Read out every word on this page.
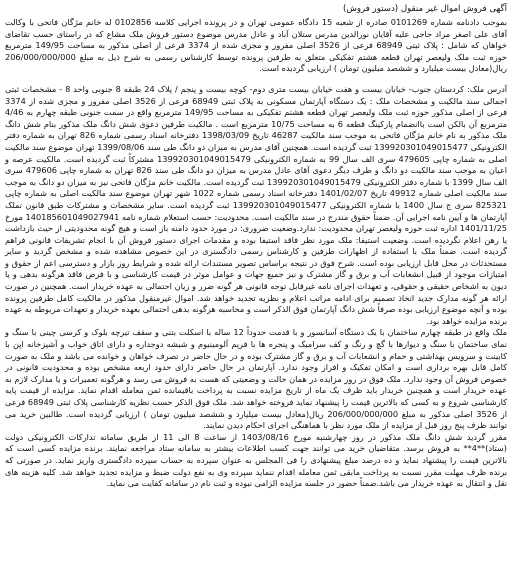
آگهی فروش اموال غیر منقول (دستور فروش)

بموجب دادنامه شماره 0101269 صادره از شعبه 15 دادگاه عمومی تهران و در پرونده اجرایی کلاسه 0102856 له خانم مژگان فاتحی با وکالت آقای علی اصغر مراد حاجی علیه آقایان نورالدین مدرس ستلان آباد و عادل مدرس موضوع دستور فروش ملک مشاع که در راستای حسب تقاضای خواهان که شامل : پلاک ثبتی 68949 فرعی از 3526 اصلی مفروز و مجزی شده از 3374 فرعی از اصلی مذکور به مساحت 149/95 مترمربع حوزه ثبت ملک ولیعصر تهران قطعه هشتم تفکیکی متعلق به طرفین پرونده توسط کارشناس رسمی به شرح ذیل به مبلغ 206/000/000/000 ریال(معادل بیست میلیارد و ششصد میلیون تومان ) ارزیابی گردیده است.

آدرس ملک: کردستان جنوب- خیابان بیست و هفت خیابان بیست متری دوم- کوچه بیست و پنجم / پلاک 24 طبقه 8 جنوبی واحد 8 - مشخصات ثبتی اجمالی سند مالکیت و مشخصات ملک : یک دستگاه آپارتمان مسکونی به پلاک ثبتی 68949 فرعی از 3526 اصلی مفروز و مجزی شده از 3374 فرعی از اصلی مذکور حوزه ثبت ملک ولیعصر تهران قطعه هشتم تفکیکی به مساحت 149/95 مترمربع واقع در سمت جنوبی طبقه چهارم به 4/46 مترمربع آن بالکن است باانضمام پارکینگ قطعه 6 به مساحت 10/75 مترمربع است . مالکیت طرفین دعوی شش دانگ ملک مذکور بنام شش دانگ ملک مذکور به نام خانم مژگان فاتحی به موجب سند مالکیت 46287 تاریخ 1398/03/09 دفترخانه اسناد رسمی شماره 826 تهران به شماره دفتر الکترونیکی 139920301049015477 ثبت گردیده است. همچنین آقای مدرس به میزان دو دانگ طی سند 1399/08/06 تهران موضوع سند مالکیت اصلی به شماره چاپی 479605 سری الف سال 99 به شماره الکترونیکی 139920301049015479 مشترکاً ثبت گردیده است. مالکیت عرصه و اعیان به موجب سند مالکیت دو دانگ و طرف دیگر دعوی آقای عادل مدرس به میزان دو دانگ طی سند 826 تهران به شماره چاپی 479606 سری الف سال 1399 با شماره دفتر الکترونیکی 139920301049015479 ثبت گردیده است. مالکیت خانم مژگان فاتحی نیز به میزان دو دانگ به موجب سند مالکیت اصلی شماره 49912 تاریخ 1401/02/07 دفترخانه اسناد رسمی شماره 1022 شهر تهران موضوع سند مالکیت اصلی به شماره چاپی 825321 سری ج سال 1400 با شماره الکترونیکی 139920301049015477 ثبت گردیده است. سایر مشخصات و مشترکات طبق قانون تملک آپارتمان ها و آیین نامه اجرایی آن. ضمناً حقوق مندرج در سند مالکیت است. محدودیت: حسب استعلام شماره نامه 140185601049027941 مورخ 1401/11/25 اداره ثبت حوزه ولیعصر تهران محدودیت: ندارد.وضعیت ضروری: در مورد حدود دامنه باز است و هیچ گونه محدودیتی از حیث بازداشت یا رهن اعلام نگردیده است. وضعیت استیفا: ملک مورد نظر فاقد استیفا بوده و مقدمات اجرای دستور فروش آن با انجام تشریفات قانونی فراهم گردیده است. ضمناً ملک با استفاده از اظهارات طرفین و کارشناس رسمی دادگستری در این خصوص مشاهده شده و مشخص گردید و سایر مستحدثات در محل قابل ارزیابی بوده است. شرح فوق در نتیجه براساس تصویر مستندات ارائه شده و شرایط روز بازار و دسترسی اعم از حقوق و امتیازات موجود از قبیل انشعابات آب و برق و گاز مشترک و نیز جمیع جهات و عوامل موثر در قیمت کارشناسی و با فرض فاقد هرگونه بدهی و یا دیون به اشخاص حقیقی و حقوقی، و تعهدات اجرای نامه غیرقابل توجه قانونی هر گونه ضرر و زیان احتمالی به عهده خریدار است. همچنین در صورت ارائه هر گونه مدارک جدید اتخاذ تصمیم برای ادامه مراتب اعلام و نظریه تجدید خواهد شد. اموال غیرمنقول مذکور در مالکیت کامل طرفین پرونده بوده و آنچه موضوع ارزیابی بوده صرفاً شش دانگ آپارتمان فوق الذکر است و محاسبه هرگونه بدهی احتمالی بعهده خریدار و تعهدات مربوطه به عهده برنده مزایده خواهد بود.

ملک واقع در طبقه چهارم ساختمان با یک دستگاه آسانسور و با قدمت حدوداً 12 ساله با اسکلت بتنی و سقف تیرچه بلوک و کرسی چینی با سنگ و نمای ساختمان با سنگ و دیوارها با گچ و رنگ و کف سرامیک و پنجره ها با فریم آلومینیوم و شیشه دوجداره و دارای اتاق خواب و آشپزخانه اپن با کابینت و سرویس بهداشتی و حمام و انشعابات آب و برق و گاز مشترک بوده و در حال حاضر در تصرف خواهان و خوانده می باشد و ملک به صورت کامل قابل بهره برداری است و امکان تفکیک و افراز وجود ندارد. آپارتمان در حال حاضر دارای حدود اربعه مشخص بوده و محدودیت قانونی در خصوص فروش آن وجود ندارد. ملک فوق در روز مزایده در همان حالت و وضعیتی که هست به فروش می رسد و هرگونه تعمیرات و یا مدارک لازم به عهده خریدار است و همچنین خریدار باید ظرف یک ماه از تاریخ مزایده نسبت به پرداخت باقیمانده ثمن معامله اقدام نماید. مزایده از قیمت پایه کارشناسی شروع و به کسی که بالاترین قیمت را پیشنهاد نماید فروخته خواهد شد. ملک فوق الذکر حسب نظریه کارشناسی پلاک ثبتی 68949 فرعی از 3526 اصلی مذکور به مبلغ 206/000/000/000 ریال(معادل بیست میلیارد و ششصد میلیون تومان ) ارزیابی گردیده است. طالبین خرید می توانند ظرف پنج روز قبل از مزایده از ملک مورد نظر با هماهنگی اجرای احکام دیدن نمایند.

مقرر گردید شش دانگ ملک مذکور در روز چهارشنبه مورخ 1403/08/16 از ساعت 8 الی 11 از طریق سامانه تدارکات الکترونیکی دولت (ستاد)**4** به فروش برسد. متقاضیان خرید می توانند جهت کسب اطلاعات بیشتر به سامانه ستاد مراجعه نمایند. برنده مزایده کسی است که بالاترین قیمت را پیشنهاد نماید و ده درصد مبلغ پیشنهادی را فی المجلس به عنوان سپرده به حساب سپرده دادگستری واریز نماید. در صورتی که برنده ظرف مهلت مقرر نسبت به پرداخت مابقی ثمن معامله اقدام ننماید سپرده وی به نفع دولت ضبط و مزایده تجدید خواهد شد. کلیه هزینه های نقل و انتقال به عهده خریدار می باشد.ضمناً حضور در جلسه مزایده الزامی نبوده و ثبت نام در سامانه کفایت می نماید.
